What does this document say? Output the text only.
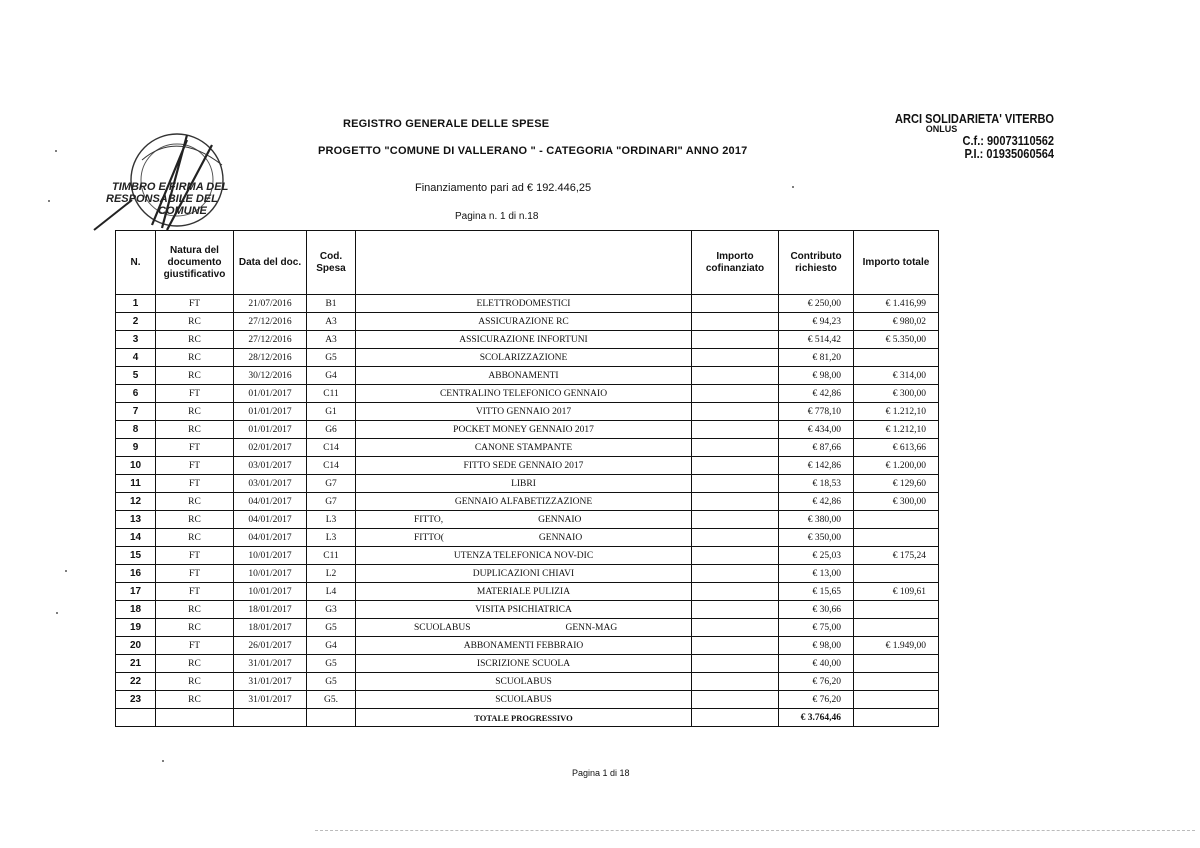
REGISTRO GENERALE DELLE SPESE
PROGETTO "COMUNE DI VALLERANO " - CATEGORIA "ORDINARI" ANNO 2017
Finanziamento pari ad € 192.446,25
Pagina n. 1 di n.18
ARCI SOLIDARIETA' VITERBO
ONLUS
C.f.: 90073110562
P.I.: 01935060564
TIMBRO E FIRMA DEL
RESPONSABILE DEL
COMUNE
N.	Natura del documento giustificativo	Data del doc.	Cod. Spesa		Importo cofinanziato	Contributo richiesto	Importo totale
1	FT	21/07/2016	B1	ELETTRODOMESTICI		€ 250,00	€ 1.416,99
2	RC	27/12/2016	A3	ASSICURAZIONE RC		€ 94,23	€ 980,02
3	RC	27/12/2016	A3	ASSICURAZIONE INFORTUNI		€ 514,42	€ 5.350,00
4	RC	28/12/2016	G5	SCOLARIZZAZIONE		€ 81,20	
5	RC	30/12/2016	G4	ABBONAMENTI		€ 98,00	€ 314,00
6	FT	01/01/2017	C11	CENTRALINO TELEFONICO GENNAIO		€ 42,86	€ 300,00
7	RC	01/01/2017	G1	VITTO GENNAIO 2017		€ 778,10	€ 1.212,10
8	RC	01/01/2017	G6	POCKET MONEY GENNAIO 2017		€ 434,00	€ 1.212,10
9	FT	02/01/2017	C14	CANONE STAMPANTE		€ 87,66	€ 613,66
10	FT	03/01/2017	C14	FITTO SEDE GENNAIO 2017		€ 142,86	€ 1.200,00
11	FT	03/01/2017	G7	LIBRI		€ 18,53	€ 129,60
12	RC	04/01/2017	G7	GENNAIO ALFABETIZZAZIONE		€ 42,86	€ 300,00
13	RC	04/01/2017	L3	FITTO, GENNAIO		€ 380,00	
14	RC	04/01/2017	L3	FITTO( GENNAIO		€ 350,00	
15	FT	10/01/2017	C11	UTENZA TELEFONICA NOV-DIC		€ 25,03	€ 175,24
16	FT	10/01/2017	L2	DUPLICAZIONI CHIAVI		€ 13,00	
17	FT	10/01/2017	L4	MATERIALE PULIZIA		€ 15,65	€ 109,61
18	RC	18/01/2017	G3	VISITA PSICHIATRICA		€ 30,66	
19	RC	18/01/2017	G5	SCUOLABUS GENN-MAG		€ 75,00	
20	FT	26/01/2017	G4	ABBONAMENTI FEBBRAIO		€ 98,00	€ 1.949,00
21	RC	31/01/2017	G5	ISCRIZIONE SCUOLA		€ 40,00	
22	RC	31/01/2017	G5	SCUOLABUS		€ 76,20	
23	RC	31/01/2017	G5.	SCUOLABUS		€ 76,20	
				TOTALE PROGRESSIVO		€ 3.764,46	
Pagina 1 di 18
